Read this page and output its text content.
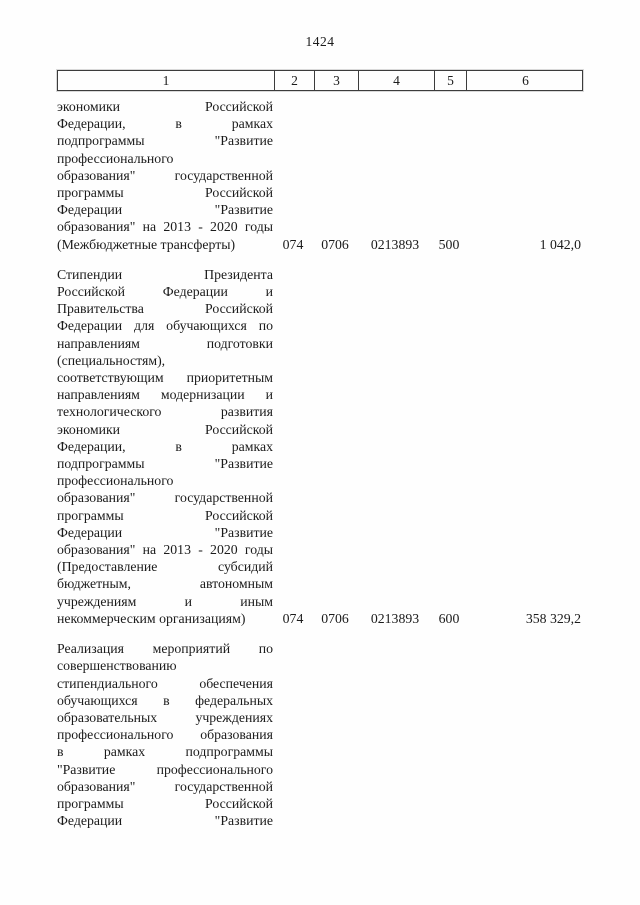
1424
1	2	3	4	5	6
экономики Российской
Федерации, в рамках
подпрограммы "Развитие
профессионального
образования" государственной
программы Российской
Федерации "Развитие
образования" на 2013 - 2020 годы
(Межбюджетные трансферты)	074	0706	0213893	500	1 042,0
Стипендии Президента
Российской Федерации и
Правительства Российской
Федерации для обучающихся по
направлениям подготовки
(специальностям),
соответствующим приоритетным
направлениям модернизации и
технологического развития
экономики Российской
Федерации, в рамках
подпрограммы "Развитие
профессионального
образования" государственной
программы Российской
Федерации "Развитие
образования" на 2013 - 2020 годы
(Предоставление субсидий
бюджетным, автономным
учреждениям и иным
некоммерческим организациям)	074	0706	0213893	600	358 329,2
Реализация мероприятий по
совершенствованию
стипендиального обеспечения
обучающихся в федеральных
образовательных учреждениях
профессионального образования
в рамках подпрограммы
"Развитие профессионального
образования" государственной
программы Российской
Федерации "Развитие
